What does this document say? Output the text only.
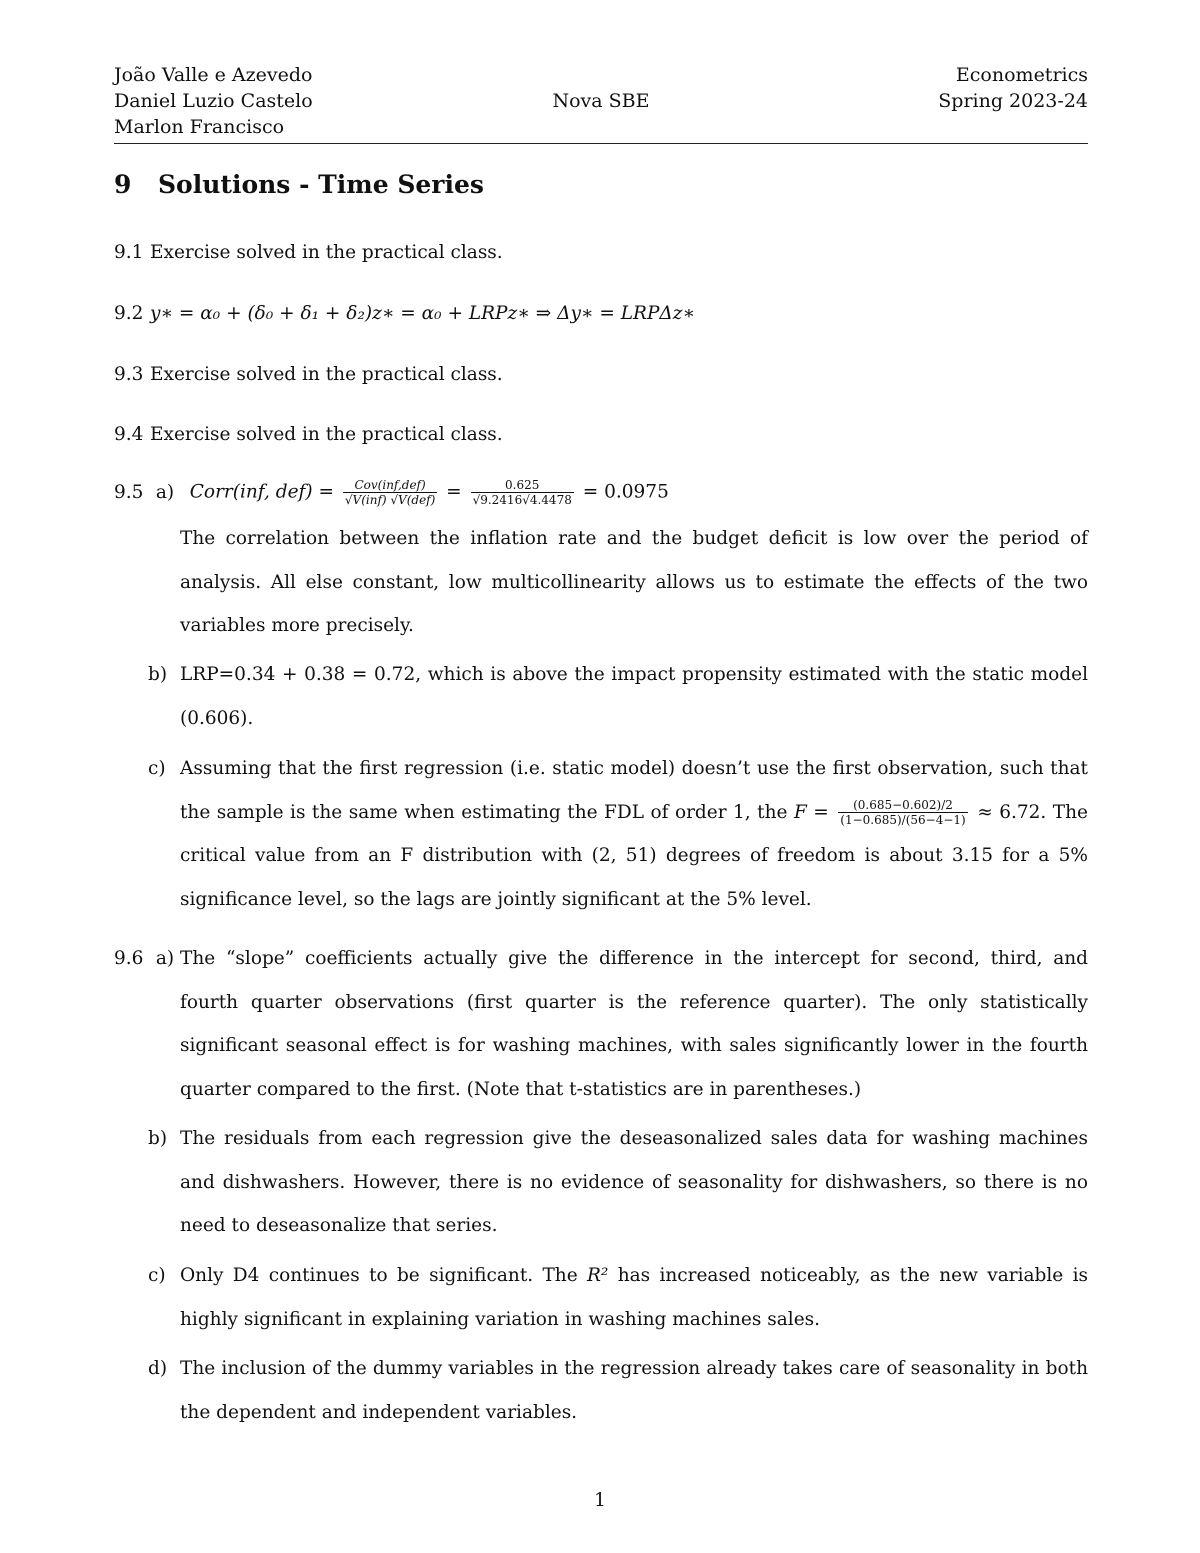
João Valle e Azevedo
Daniel Luzio Castelo
Marlon Francisco
Nova SBE
Econometrics
Spring 2023-24
9 Solutions - Time Series
9.1 Exercise solved in the practical class.
9.2 y∗ = α₀ + (δ₀ + δ₁ + δ₂)z∗ = α₀ + LRPz∗ ⇒ Δy∗ = LRPΔz∗
9.3 Exercise solved in the practical class.
9.4 Exercise solved in the practical class.
9.5 a) Corr(inf, $def) = \frac{\text{Cov(inf,def)}}{\text{√V(inf) √V(def)}} = \frac{0.625}{√9.2416√4.4478} = 0.0975$
The correlation between the inflation rate and the budget deficit is low over the period of analysis. All else constant, low multicollinearity allows us to estimate the effects of the two variables more precisely.
b) LRP=0.34 + 0.38 = 0.72, which is above the impact propensity estimated with the static model (0.606).
c) Assuming that the first regression (i.e. static model) doesn’t use the first observation, such that the sample is the same when estimating the FDL of order 1, the $F = \frac{(0.685-0.602)/2}{(1-0.685)/(56-4-1)} \approx 6.72$. The critical value from an F distribution with (2, 51) degrees of freedom is about 3.15 for a 5% significance level, so the lags are jointly significant at the 5% level.
9.6 a) The “slope” coefficients actually give the difference in the intercept for second, third, and fourth quarter observations (first quarter is the reference quarter). The only statistically significant seasonal effect is for washing machines, with sales significantly lower in the fourth quarter compared to the first. (Note that t-statistics are in parentheses.)
b) The residuals from each regression give the deseasonalized sales data for washing machines and dishwashers. However, there is no evidence of seasonality for dishwashers, so there is no need to deseasonalize that series.
c) Only D4 continues to be significant. The R² has increased noticeably, as the new variable is highly significant in explaining variation in washing machines sales.
d) The inclusion of the dummy variables in the regression already takes care of seasonality in both the dependent and independent variables.
1
